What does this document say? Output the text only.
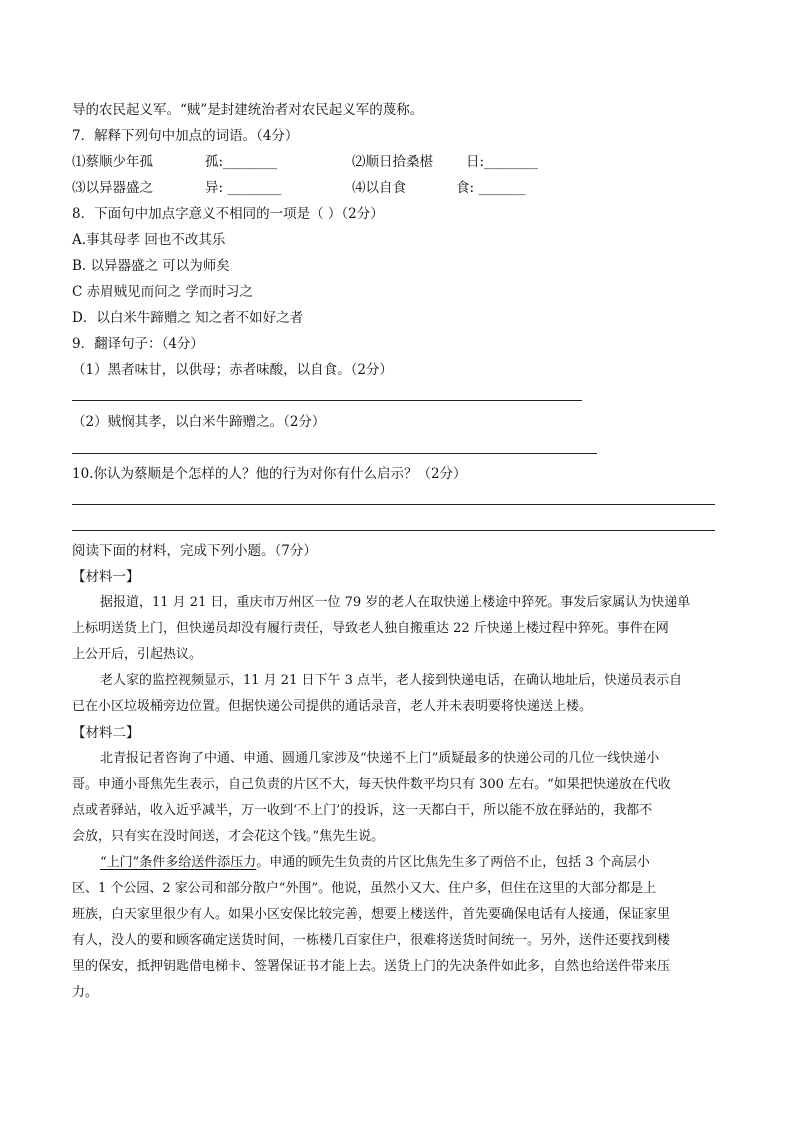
导的农民起义军。“贼”是封建统治者对农民起义军的蔑称。
7．解释下列句中加点的词语。（4分）
⑴蔡顺少年孤	孤:________	⑵顺日拾桑椹 日:________
⑶以异器盛之	异: ________	⑷以自食	食: _______
8．下面句中加点字意义不相同的一项是（ ）（2分）
A.事其母孝 回也不改其乐
B. 以异器盛之 可以为师矣
C 赤眉贼见而问之 学而时习之
D．以白米牛蹄赠之 知之者不如好之者
9．翻译句子：（4分）
（1）黑者味甘，以供母；赤者味酸，以自食。（2分）
（2）贼悯其孝，以白米牛蹄赠之。（2分）
10.你认为蔡顺是个怎样的人？他的行为对你有什么启示？（2分）
阅读下面的材料，完成下列小题。（7分）
【材料一】
据报道，11 月 21 日，重庆市万州区一位 79 岁的老人在取快递上楼途中猝死。事发后家属认为快递单
上标明送货上门，但快递员却没有履行责任，导致老人独自搬重达 22 斤快递上楼过程中猝死。事件在网
上公开后，引起热议。
老人家的监控视频显示，11 月 21 日下午 3 点半，老人接到快递电话，在确认地址后，快递员表示自
已在小区垃圾桶旁边位置。但据快递公司提供的通话录音，老人并未表明要将快递送上楼。
【材料二】
北青报记者咨询了中通、申通、圆通几家涉及“快递不上门”质疑最多的快递公司的几位一线快递小
哥。申通小哥焦先生表示，自己负责的片区不大，每天快件数平均只有 300 左右。“如果把快递放在代收
点或者驿站，收入近乎减半，万一收到‘不上门’的投诉，这一天都白干，所以能不放在驿站的，我都不
会放，只有实在没时间送，才会花这个钱。”焦先生说。
“上门”条件多给送件添压力。申通的顾先生负责的片区比焦先生多了两倍不止，包括 3 个高层小
区、1 个公园、2 家公司和部分散户“外围”。他说，虽然小又大、住户多，但住在这里的大部分都是上
班族，白天家里很少有人。如果小区安保比较完善，想要上楼送件，首先要确保电话有人接通，保证家里
有人，没人的要和顾客确定送货时间，一栋楼几百家住户，很难将送货时间统一。另外，送件还要找到楼
里的保安，抵押钥匙借电梯卡、签署保证书才能上去。送货上门的先决条件如此多，自然也给送件带来压
力。
